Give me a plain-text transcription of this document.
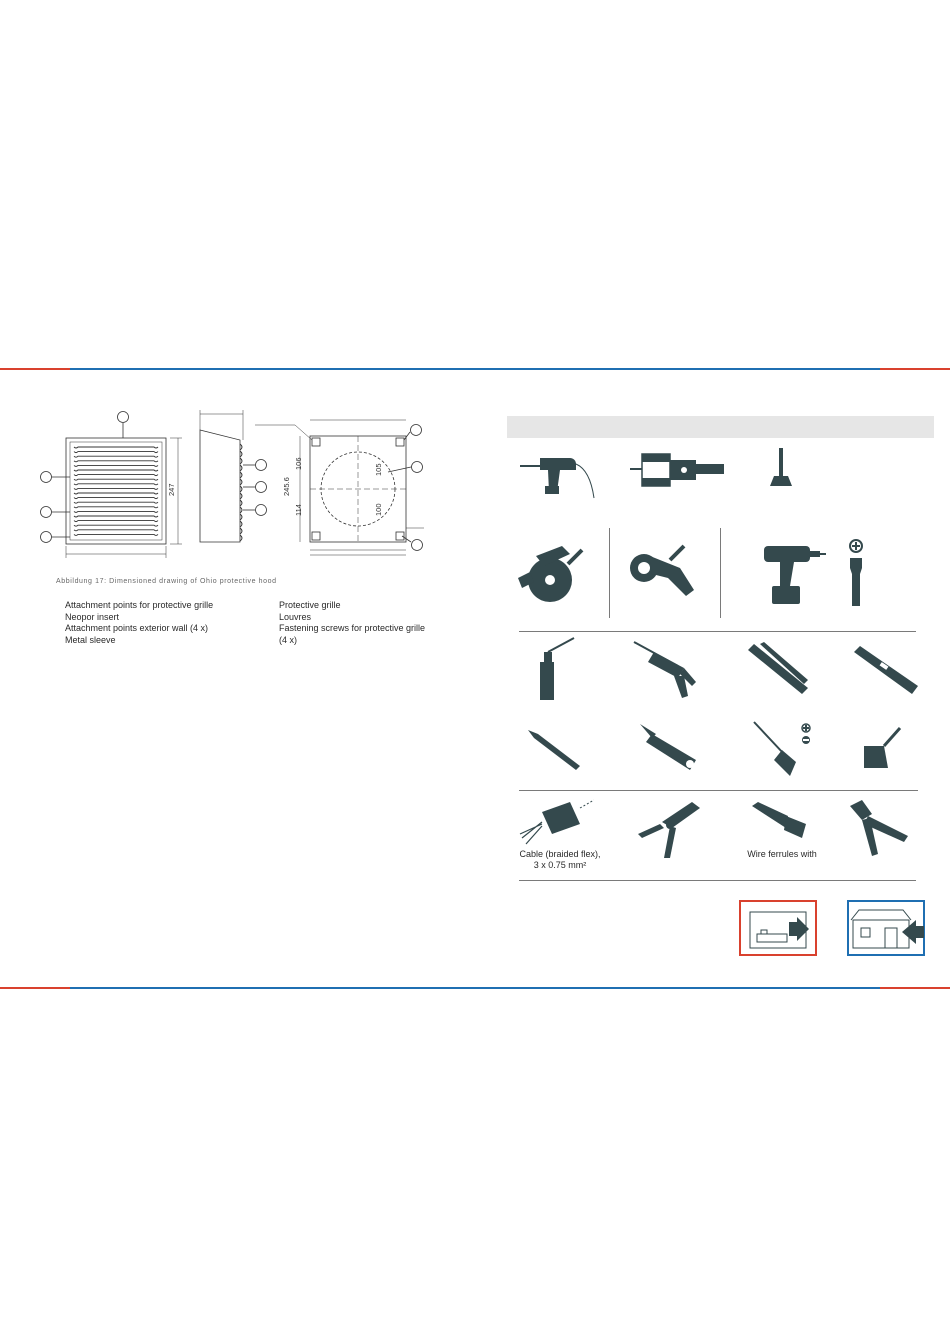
247	245.6
106
114
105
100
Abbildung 17: Dimensioned drawing of Ohio protective hood
Attachment points for protective grille
Neopor insert
Attachment points exterior wall (4 x)
Metal sleeve
Protective grille
Louvres
Fastening screws for protective grille
(4 x)
Cable (braided flex),
3 x 0.75 mm²
Wire ferrules with
